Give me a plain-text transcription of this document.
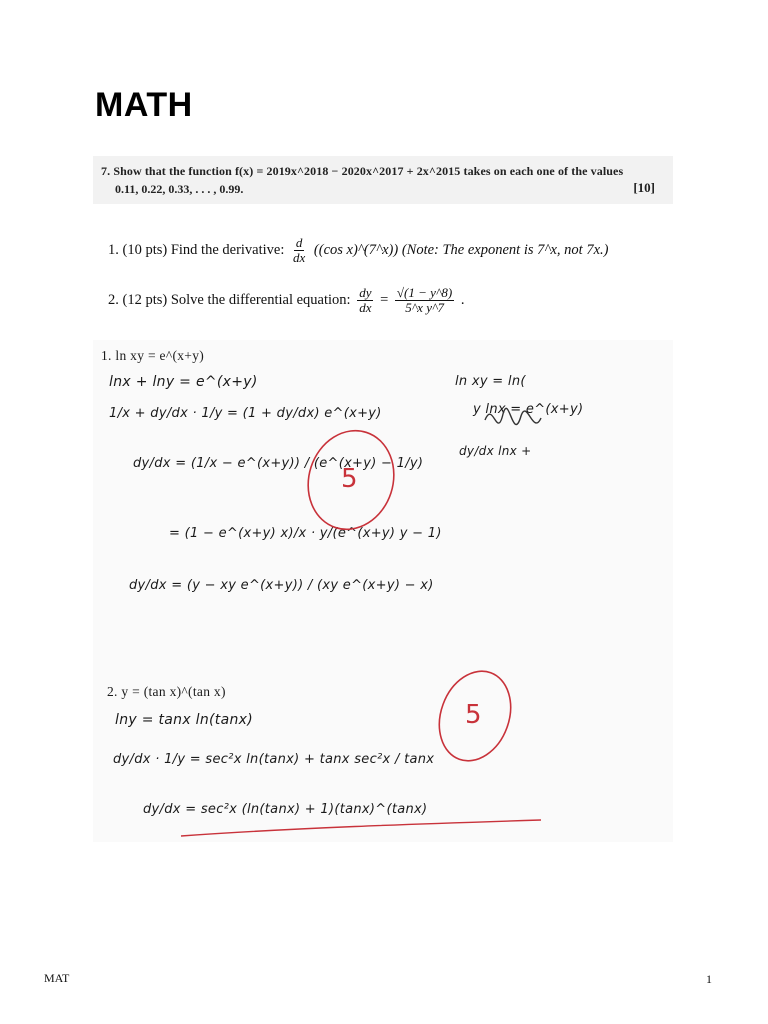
MATH
7. Show that the function f(x) = 2019x^2018 − 2020x^2017 + 2x^2015 takes on each one of the values
0.11, 0.22, 0.33, . . . , 0.99.	[10]
1. (10 pts) Find the derivative: $\frac{d}{dx} ((\cos$ x)^(7^x)) (Note: The exponent is 7^x, not 7x.)
2. (12 pts) Solve the differential equation: $\frac{dy}{dx} = \frac{√(1 - y\^{}8)}{\text{5\textasciicircum{}x y\textasciicircum{}7}}$ .
1. ln xy = e^(x+y)
lnx + lny = e^(x+y)
1/x + dy/dx · 1/y = (1 + dy/dx) e^(x+y)
dy/dx = (1/x − e^(x+y)) / (e^(x+y) − 1/y)
= (1 − e^(x+y) x)/x · y/(e^(x+y) y − 1)
dy/dx = (y − xy e^(x+y)) / (xy e^(x+y) − x)
ln xy = ln(
y lnx = e^(x+y)
dy/dx lnx +
2. y = (tan x)^(tan x)
lny = tanx ln(tanx)
dy/dx · 1/y = sec²x ln(tanx) + tanx sec²x / tanx
dy/dx = sec²x (ln(tanx) + 1)(tanx)^(tanx)
5
5
MAT	1
